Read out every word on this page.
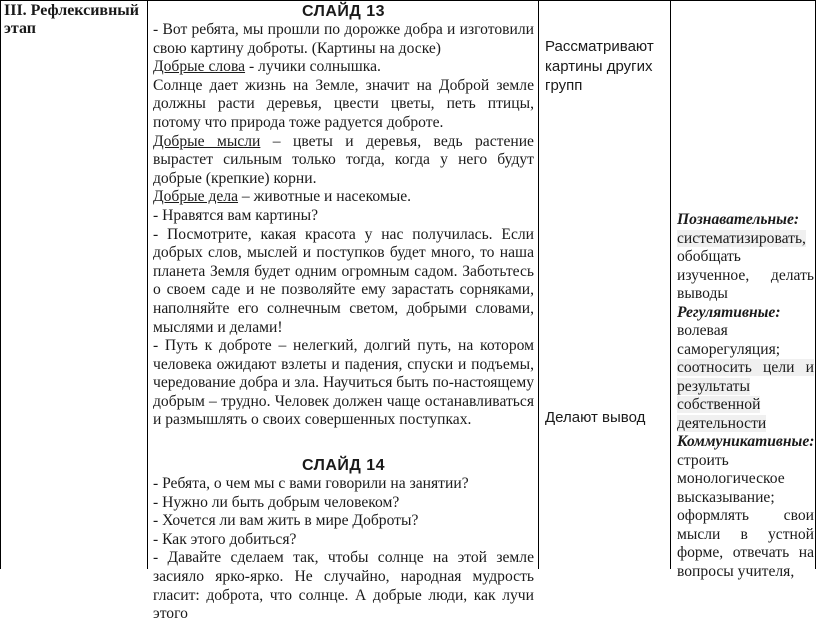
III. Рефлексивный этап
СЛАЙД 13

- Вот ребята, мы прошли по дорожке добра и изготовили свою картину доброты. (Картины на доске)

Добрые слова - лучики солнышка.

Солнце дает жизнь на Земле, значит на Доброй земле должны расти деревья, цвести цветы, петь птицы, потому что природа тоже радуется доброте.

Добрые мысли – цветы и деревья, ведь растение вырастет сильным только тогда, когда у него будут добрые (крепкие) корни.

Добрые дела – животные и насекомые.

- Нравятся вам картины?

- Посмотрите, какая красота у нас получилась. Если добрых слов, мыслей и поступков будет много, то наша планета Земля будет одним огромным садом. Заботьтесь о своем саде и не позволяйте ему зарастать сорняками, наполняйте его солнечным светом, добрыми словами, мыслями и делами!

- Путь к доброте – нелегкий, долгий путь, на котором человека ожидают взлеты и падения, спуски и подъемы, чередование добра и зла. Научиться быть по-настоящему добрым – трудно. Человек должен чаще останавливаться и размышлять о своих совершенных поступках.

СЛАЙД 14

- Ребята, о чем мы с вами говорили на занятии?

- Нужно ли быть добрым человеком?

- Хочется ли вам жить в мире Доброты?

- Как этого добиться?

- Давайте сделаем так, чтобы солнце на этой земле засияло ярко-ярко. Не случайно, народная мудрость гласит: доброта, что солнце. А добрые люди, как лучи этого

Рассматривают картины других групп
Делают вывод

Познавательные:

систематизировать,

обобщать

изученное, делать выводы

Регулятивные:

волевая

саморегуляция;

соотносить цели и результаты собственной деятельности

Коммуникативные:

строить

монологическое

высказывание;

оформлять свои мысли в устной форме, отвечать на вопросы учителя,
